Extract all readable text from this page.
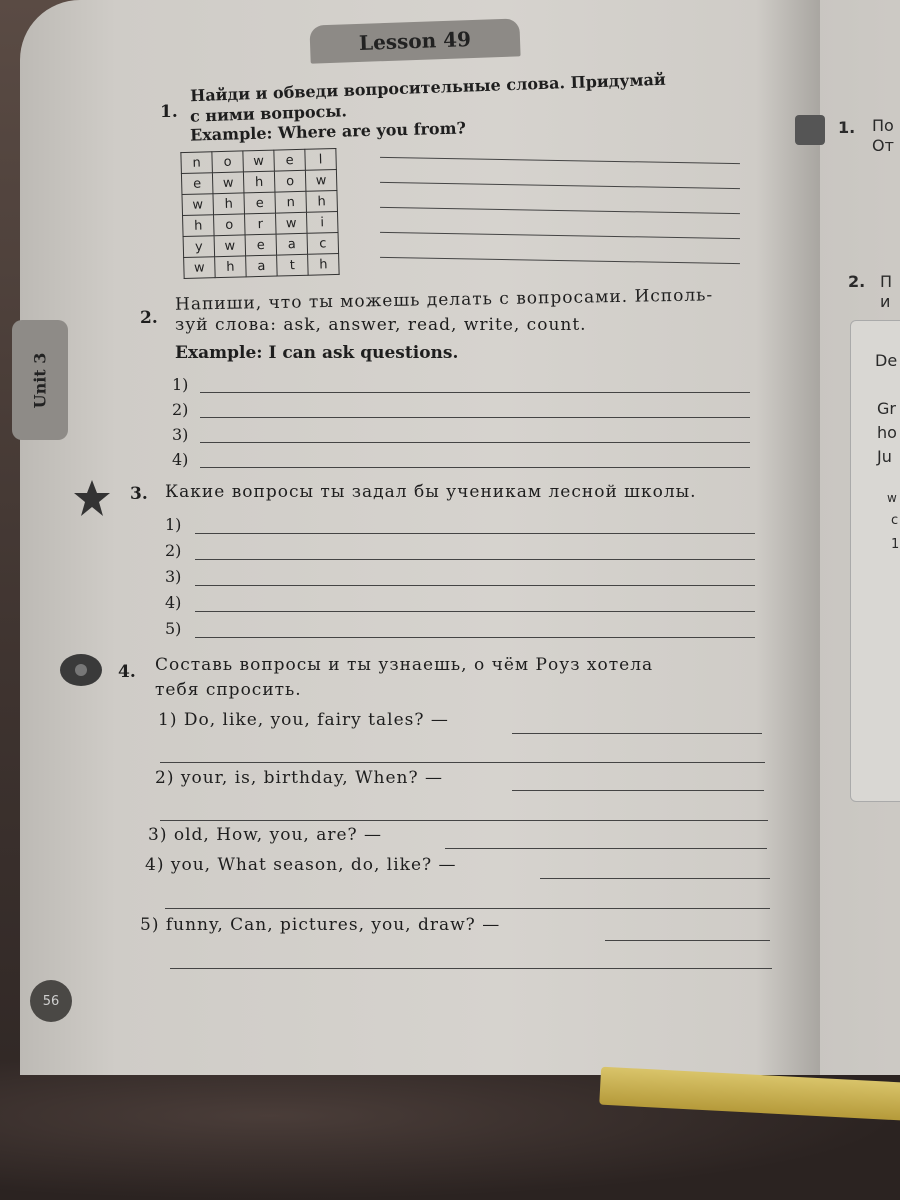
Lesson 49
Unit 3
1.
Найди и обведи вопросительные слова. Придумай
с ними вопросы.
Example: Where are you from?
n	o	w	e	l
e	w	h	o	w
w	h	e	n	h
h	o	r	w	i
y	w	e	a	c
w	h	a	t	h
2.
Напиши, что ты можешь делать с вопросами. Исполь-
зуй слова: ask, answer, read, write, count.
Example: I can ask questions.
1)
2)
3)
4)
3. Какие вопросы ты задал бы ученикам лесной школы.
1)
2)
3)
4)
5)
4. Составь вопросы и ты узнаешь, о чём Роуз хотела
тебя спросить.
1) Do, like, you, fairy tales? —
2) your, is, birthday, When? —
3) old, How, you, are? —
4) you, What season, do, like? —
5) funny, Can, pictures, you, draw? —
56
1. По
От
2. П
и
De
Gr
ho
Ju
w
c
1
